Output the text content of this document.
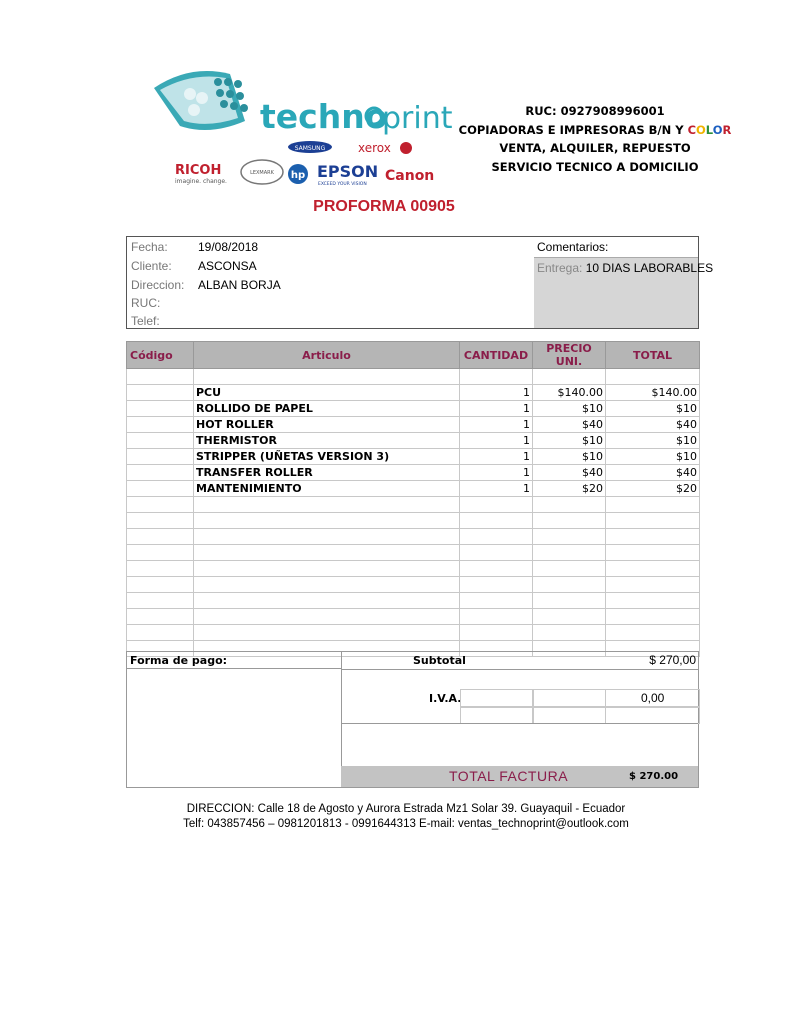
techno
print
SAMSUNG	xerox
RICOH
imagine. change.
LEXMARK hp EPSON
EXCEED YOUR VISION
Canon
RUC: 0927908996001
COPIADORAS E IMPRESORAS B/N Y COLOR
VENTA, ALQUILER, REPUESTO
SERVICIO TECNICO A DOMICILIO
PROFORMA 00905
Fecha:	19/08/2018
Cliente:	ASCONSA
Direccion:	ALBAN BORJA
RUC:
Telef:
Comentarios:
Entrega: 10 DIAS LABORABLES
Código	Articulo	CANTIDAD	PRECIO UNI.	TOTAL

	PCU	1	$140.00	$140.00
	ROLLIDO DE PAPEL	1	$10	$10
	HOT ROLLER	1	$40	$40
	THERMISTOR	1	$10	$10
	STRIPPER (UÑETAS VERSION 3)	1	$10	$10
	TRANSFER ROLLER	1	$40	$40
	MANTENIMIENTO	1	$20	$20

Forma de pago:	Subtotal	$ 270,00
I.V.A.	0,00
TOTAL FACTURA	$ 270.00
DIRECCION: Calle 18 de Agosto y Aurora Estrada Mz1 Solar 39. Guayaquil - Ecuador
Telf: 043857456 – 0981201813 - 0991644313 E-mail: ventas_technoprint@outlook.com
